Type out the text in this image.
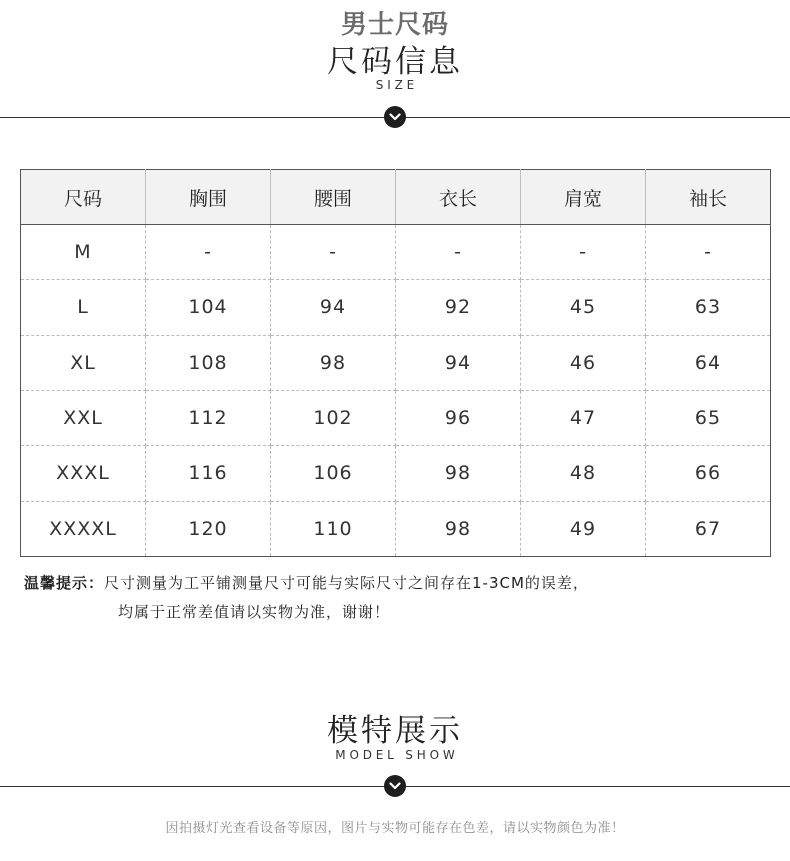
男士尺码
尺码信息
S I Z E
尺码	胸围	腰围	衣长	肩宽	袖长
M	-	-	-	-	-
L	104	94	92	45	63
XL	108	98	94	46	64
XXL	112	102	96	47	65
XXXL	116	106	98	48	66
XXXXL	120	110	98	49	67
温馨提示：尺寸测量为工平铺测量尺寸可能与实际尺寸之间存在1-3CM的误差，
均属于正常差值请以实物为准，谢谢！
模特展示
M O D E L   S H O W
因拍摄灯光查看设备等原因，图片与实物可能存在色差，请以实物颜色为准！
